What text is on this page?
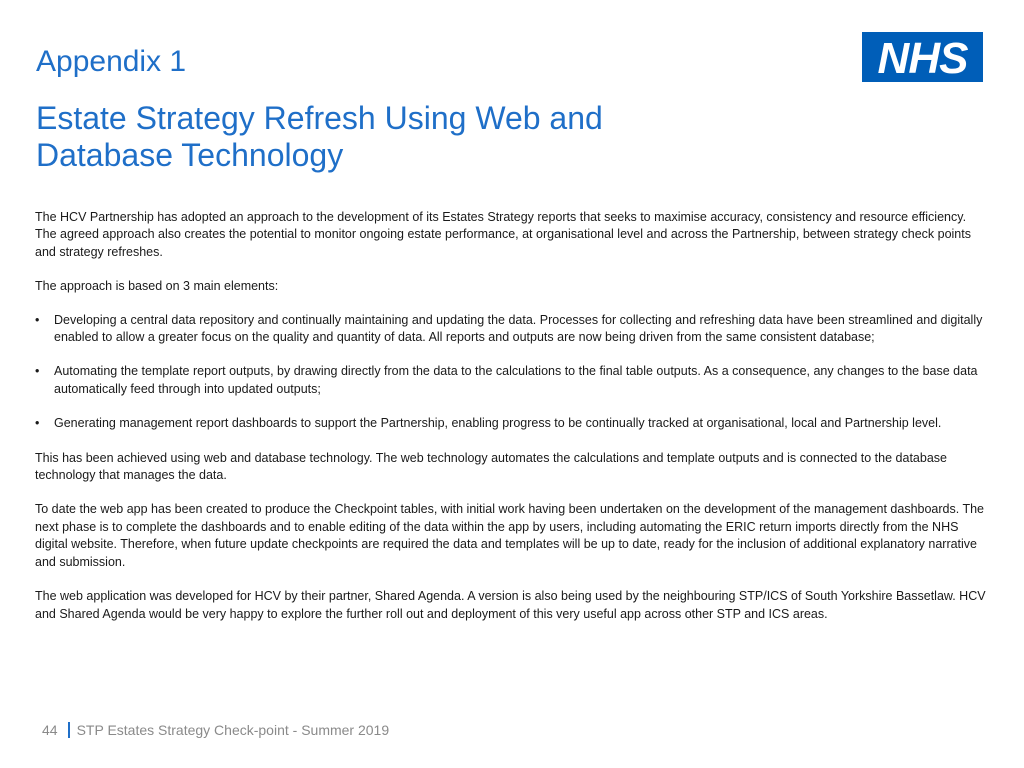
Appendix 1
Estate Strategy Refresh Using Web and Database Technology
NHS

The HCV Partnership has adopted an approach to the development of its Estates Strategy reports that seeks to maximise accuracy, consistency and resource efficiency. The agreed approach also creates the potential to monitor ongoing estate performance, at organisational level and across the Partnership, between strategy check points and strategy refreshes.

The approach is based on 3 main elements:

•	Developing a central data repository and continually maintaining and updating the data. Processes for collecting and refreshing data have been streamlined and digitally enabled to allow a greater focus on the quality and quantity of data. All reports and outputs are now being driven from the same consistent database;
•	Automating the template report outputs, by drawing directly from the data to the calculations to the final table outputs. As a consequence, any changes to the base data automatically feed through into updated outputs;
•	Generating management report dashboards to support the Partnership, enabling progress to be continually tracked at organisational, local and Partnership level.

This has been achieved using web and database technology. The web technology automates the calculations and template outputs and is connected to the database technology that manages the data.

To date the web app has been created to produce the Checkpoint tables, with initial work having been undertaken on the development of the management dashboards. The next phase is to complete the dashboards and to enable editing of the data within the app by users, including automating the ERIC return imports directly from the NHS digital website. Therefore, when future update checkpoints are required the data and templates will be up to date, ready for the inclusion of additional explanatory narrative and submission.

The web application was developed for HCV by their partner, Shared Agenda. A version is also being used by the neighbouring STP/ICS of South Yorkshire Bassetlaw. HCV and Shared Agenda would be very happy to explore the further roll out and deployment of this very useful app across other STP and ICS areas.

44 STP Estates Strategy Check-point - Summer 2019
